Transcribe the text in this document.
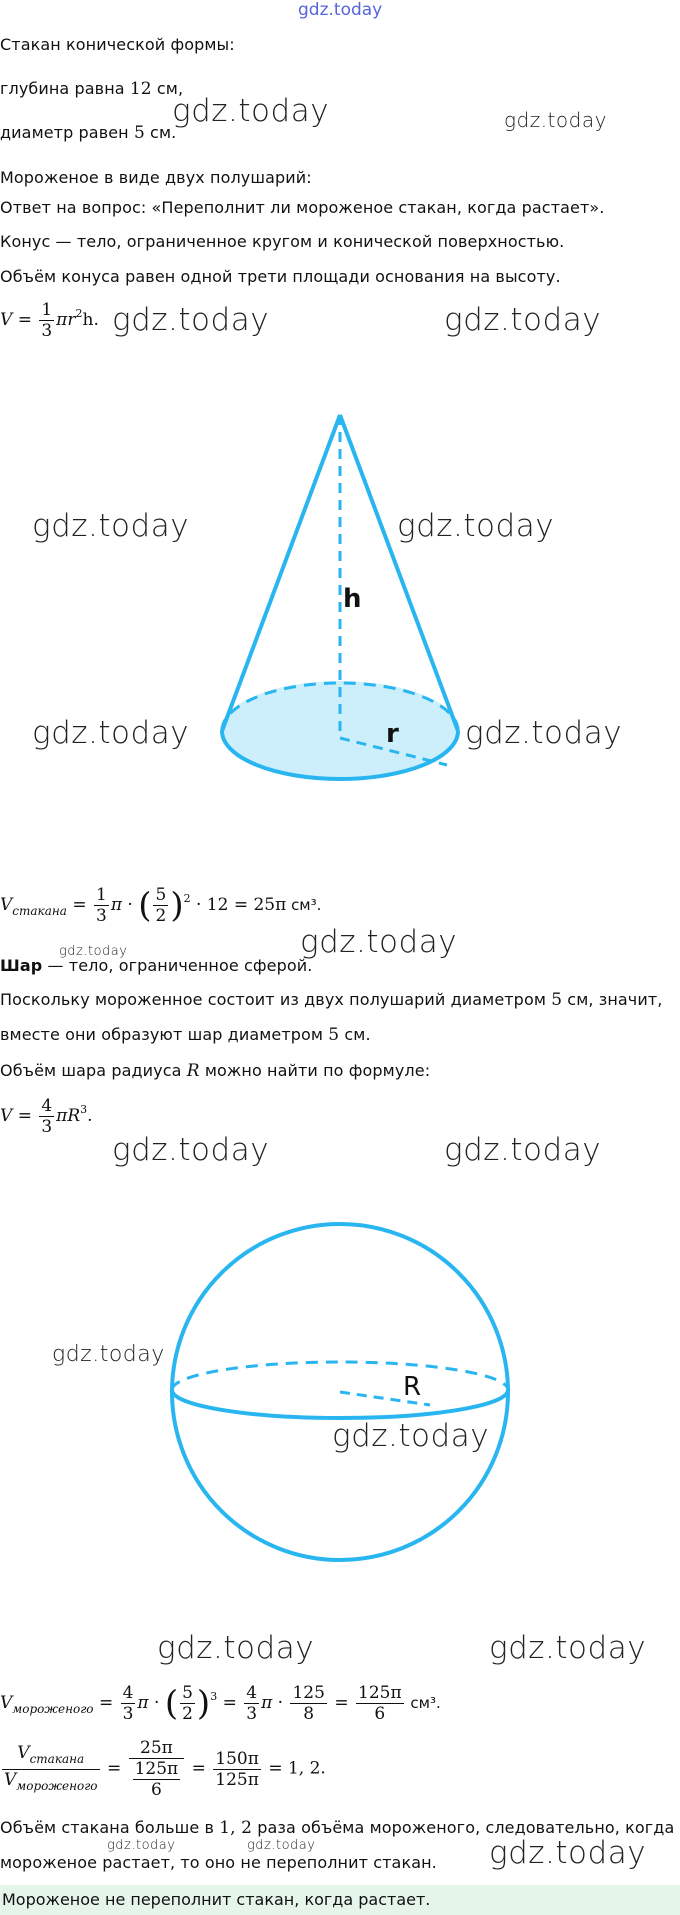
gdz.today
Стакан конической формы:
глубина равна 12 см,
диаметр равен 5 см.
Мороженое в виде двух полушарий:
Ответ на вопрос: «Переполнит ли мороженое стакан, когда растает».
Конус — тело, ограниченное кругом и конической поверхностью.
Объём конуса равен одной трети площади основания на высоту.
$V = \frac{1}{3} \pi r^2h$.
h
r
$V_{стакана} = \frac{1}{3}$ π · ( $\frac{5}{2} )^2 \cdot 12 = 25\pi$ см³.
Шар — тело, ограниченное сферой.
Поскольку мороженное состоит из двух полушарий диаметром 5 см, значит,
вместе они образуют шар диаметром 5 см.
Объём шара радиуса R можно найти по формуле:
$V = \frac{4}{3} \pi R^3$.
R
$V_{мороженого} = \frac{4}{3}$ π · ( $\frac{5}{2} )^3 = \frac{4}{3}$ $\pi \cdot \frac{125}{8} = \frac{125\pi}{6} см^3$.
$\frac{V_{стакана}}{V_{мороженого}} = \frac{25\pi}{\frac{125\pi}{6}} = \frac{150\pi}{125\pi} = 1$, 2.
Объём стакана больше в 1, 2 раза объёма мороженого, следовательно, когда
мороженое растает, то оно не переполнит стакан.
Мороженое не переполнит стакан, когда растает.
gdz.today	gdz.today
gdz.today	gdz.today
gdz.today	gdz.today
gdz.today	gdz.today
gdz.today	gdz.today
gdz.today	gdz.today
gdz.today
gdz.today
gdz.today	gdz.today
gdz.today	gdz.today	gdz.today
